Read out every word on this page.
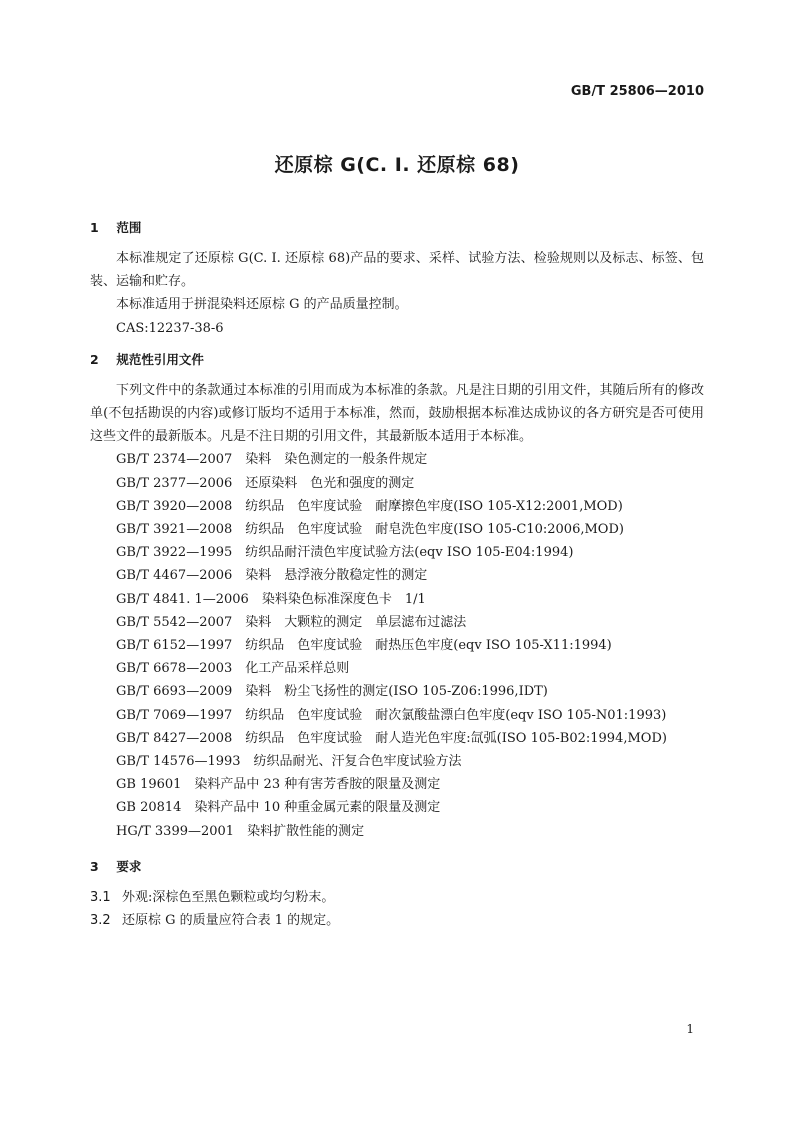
GB/T 25806—2010
还原棕 G(C. I. 还原棕 68)
1 范围
本标准规定了还原棕 G(C. I. 还原棕 68)产品的要求、采样、试验方法、检验规则以及标志、标签、包装、运输和贮存。
本标准适用于拼混染料还原棕 G 的产品质量控制。
CAS:12237-38-6
2 规范性引用文件
下列文件中的条款通过本标准的引用而成为本标准的条款。凡是注日期的引用文件，其随后所有的修改单(不包括勘误的内容)或修订版均不适用于本标准，然而，鼓励根据本标准达成协议的各方研究是否可使用这些文件的最新版本。凡是不注日期的引用文件，其最新版本适用于本标准。
GB/T 2374—2007　染料　染色测定的一般条件规定
GB/T 2377—2006　还原染料　色光和强度的测定
GB/T 3920—2008　纺织品　色牢度试验　耐摩擦色牢度(ISO 105-X12:2001,MOD)
GB/T 3921—2008　纺织品　色牢度试验　耐皂洗色牢度(ISO 105-C10:2006,MOD)
GB/T 3922—1995　纺织品耐汗渍色牢度试验方法(eqv ISO 105-E04:1994)
GB/T 4467—2006　染料　悬浮液分散稳定性的测定
GB/T 4841. 1—2006　染料染色标准深度色卡　1/1
GB/T 5542—2007　染料　大颗粒的测定　单层滤布过滤法
GB/T 6152—1997　纺织品　色牢度试验　耐热压色牢度(eqv ISO 105-X11:1994)
GB/T 6678—2003　化工产品采样总则
GB/T 6693—2009　染料　粉尘飞扬性的测定(ISO 105-Z06:1996,IDT)
GB/T 7069—1997　纺织品　色牢度试验　耐次氯酸盐漂白色牢度(eqv ISO 105-N01:1993)
GB/T 8427—2008　纺织品　色牢度试验　耐人造光色牢度:氙弧(ISO 105-B02:1994,MOD)
GB/T 14576—1993　纺织品耐光、汗复合色牢度试验方法
GB 19601　染料产品中 23 种有害芳香胺的限量及测定
GB 20814　染料产品中 10 种重金属元素的限量及测定
HG/T 3399—2001　染料扩散性能的测定
3 要求
3.1 外观:深棕色至黑色颗粒或均匀粉末。
3.2 还原棕 G 的质量应符合表 1 的规定。
1
